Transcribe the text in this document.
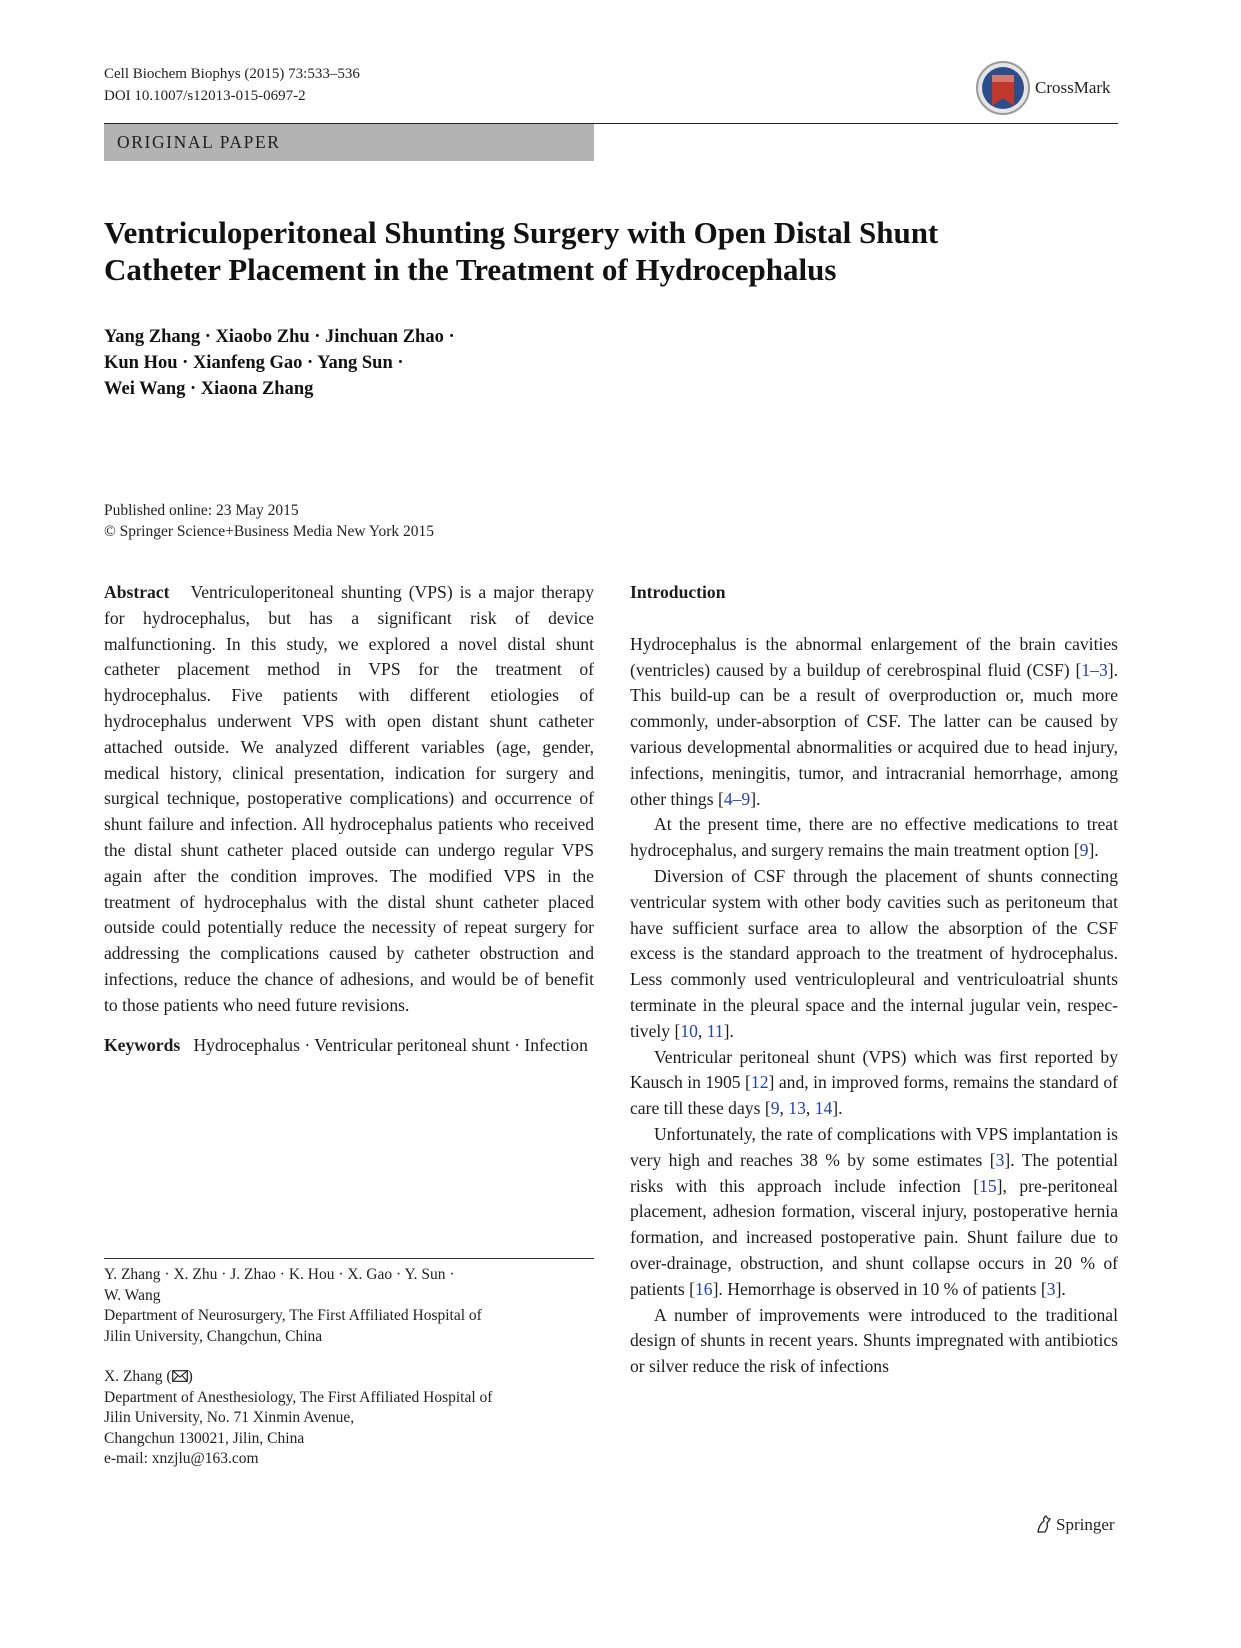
Cell Biochem Biophys (2015) 73:533–536
DOI 10.1007/s12013-015-0697-2	CrossMark
ORIGINAL PAPER
Ventriculoperitoneal Shunting Surgery with Open Distal Shunt
Catheter Placement in the Treatment of Hydrocephalus
Yang Zhang · Xiaobo Zhu · Jinchuan Zhao ·
Kun Hou · Xianfeng Gao · Yang Sun ·
Wei Wang · Xiaona Zhang
Published online: 23 May 2015
© Springer Science+Business Media New York 2015

Abstract Ventriculoperitoneal shunting (VPS) is a major therapy for hydrocephalus, but has a significant risk of device malfunctioning. In this study, we explored a novel distal shunt catheter placement method in VPS for the treatment of hydrocephalus. Five patients with different etiologies of hydrocephalus underwent VPS with open distant shunt catheter attached outside. We analyzed different variables (age, gender, medical history, clinical presentation, indication for surgery and surgical technique, postoperative complications) and occurrence of shunt failure and infection. All hydrocephalus patients who received the distal shunt catheter placed outside can undergo regular VPS again after the condition improves. The modified VPS in the treatment of hydrocephalus with the distal shunt catheter placed outside could potentially reduce the necessity of repeat surgery for addressing the complications caused by catheter obstruction and infections, reduce the chance of adhesions, and would be of benefit to those patients who need future revisions.

Keywords Hydrocephalus · Ventricular peritoneal shunt · Infection

Y. Zhang · X. Zhu · J. Zhao · K. Hou · X. Gao · Y. Sun ·
W. Wang
Department of Neurosurgery, The First Affiliated Hospital of
Jilin University, Changchun, China
X. Zhang ( )
Department of Anesthesiology, The First Affiliated Hospital of
Jilin University, No. 71 Xinmin Avenue,
Changchun 130021, Jilin, China
e-mail: xnzjlu@163.com

Introduction

Hydrocephalus is the abnormal enlargement of the brain cavities (ventricles) caused by a buildup of cerebrospinal fluid (CSF) [1–3]. This build-up can be a result of overproduction or, much more commonly, under-absorption of CSF. The latter can be caused by various developmental abnormalities or acquired due to head injury, infections, meningitis, tumor, and intracranial hemorrhage, among other things [4–9].

At the present time, there are no effective medications to treat hydrocephalus, and surgery remains the main treatment option [9].

Diversion of CSF through the placement of shunts connecting ventricular system with other body cavities such as peritoneum that have sufficient surface area to allow the absorption of the CSF excess is the standard approach to the treatment of hydrocephalus. Less commonly used ventriculopleural and ventriculoatrial shunts terminate in the pleural space and the internal jugular vein, respectively [10, 11].

Ventricular peritoneal shunt (VPS) which was first reported by Kausch in 1905 [12] and, in improved forms, remains the standard of care till these days [9, 13, 14].

Unfortunately, the rate of complications with VPS implantation is very high and reaches 38 % by some estimates [3]. The potential risks with this approach include infection [15], pre-peritoneal placement, adhesion formation, visceral injury, postoperative hernia formation, and increased postoperative pain. Shunt failure due to over-drainage, obstruction, and shunt collapse occurs in 20 % of patients [16]. Hemorrhage is observed in 10 % of patients [3].

A number of improvements were introduced to the traditional design of shunts in recent years. Shunts impregnated with antibiotics or silver reduce the risk of infections

Springer
